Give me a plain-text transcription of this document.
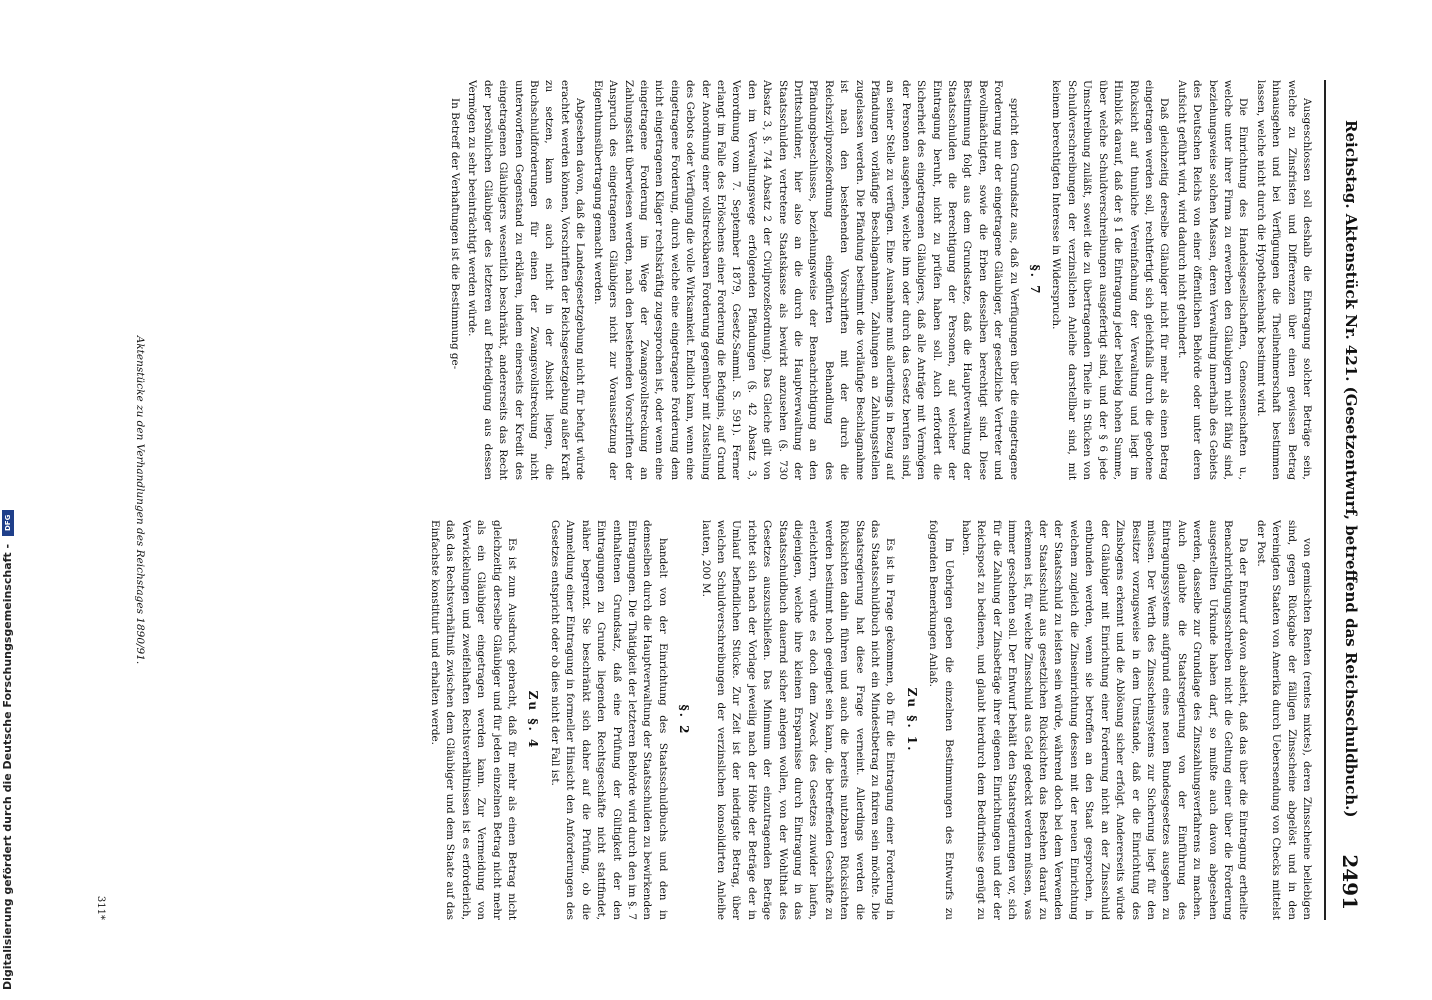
Reichstag. Aktenstück Nr. 421. (Gesetzentwurf, betreffend das Reichsschuldbuch.)
2491

Ausgeschlossen soll deshalb die Eintragung solcher Beträge sein, welche zu Zinsfristen und Differenzen über einen gewissen Betrag hinausgehen und bei Verfügungen die Theilnehmerschaft bestimmen lassen, welche nicht durch die Hypothekenbank bestimmt wird.

Die Einrichtung des Handelsgesellschaften, Genossenschaften u., welche unter ihrer Firma zu erwerben den Gläubigern nicht fähig sind, beziehungsweise solchen Massen, deren Verwaltung innerhalb des Gebiets des Deutschen Reichs von einer öffentlichen Behörde oder unter deren Aufsicht geführt wird, wird dadurch nicht gehindert.

Daß gleichzeitig derselbe Gläubiger nicht für mehr als einen Betrag eingetragen werden soll, rechtfertigt sich gleichfalls durch die gebotene Rücksicht auf thunliche Vereinfachung der Verwaltung und liegt im Hinblick darauf, daß der § 1 die Eintragung jeder beliebig hohen Summe, über welche Schuldverschreibungen ausgefertigt sind, und der § 6 jede Umschreibung zuläßt, soweit die zu übertragenden Theile in Stücken von Schuldverschreibungen der verzinslichen Anleihe darstellbar sind, mit keinem berechtigten Interesse in Widerspruch.

§. 7

spricht den Grundsatz aus, daß zu Verfügungen über die eingetragene Forderung nur der eingetragene Gläubiger, der gesetzliche Vertreter und Bevollmächtigten, sowie die Erben desselben berechtigt sind. Diese Bestimmung folgt aus dem Grundsatze, daß die Hauptverwaltung der Staatsschulden die Berechtigung der Personen, auf welcher der Eintragung beruht, nicht zu prüfen haben soll. Auch erfordert die Sicherheit des eingetragenen Gläubigers, daß alle Anträge mit Vermögen der Personen ausgehen, welche ihm oder durch das Gesetz berufen sind, an seiner Stelle zu verfügen. Eine Ausnahme muß allerdings in Bezug auf Pfändungen vorläufige Beschlagnahmen, Zahlungen an Zahlungsstellen zugelassen werden. Die Pfändung bestimmt die vorläufige Beschlagnahme ist nach den bestehenden Vorschriften mit der durch die Reichszivilprozeßordnung eingeführten Behandlung des Pfändungsbeschlusses, beziehungsweise der Benachrichtigung an den Drittschuldner, hier also an die durch die Hauptverwaltung der Staatsschulden vertretene Staatskasse als bewirkt anzusehen (§. 730 Absatz 3, §. 744 Absatz 2 der Civilprozeßordnung). Das Gleiche gilt von den im Verwaltungswege erfolgenden Pfändungen (§. 42 Absatz 3, Verordnung vom 7. September 1879, Gesetz-Samml. S. 591). Ferner erlangt im Falle des Erlöschens einer Forderung die Befugnis, auf Grund der Anordnung einer vollstreckbaren Forderung gegenüber mit Zustellung des Gebots oder Verfügung die volle Wirksamkeit. Endlich kann, wenn eine eingetragene Forderung, durch welche eine eingetragene Forderung dem nicht eingetragenen Kläger rechtskräftig zugesprochen ist, oder wenn eine eingetragene Forderung im Wege der Zwangsvollstreckung an Zahlungsstatt überwiesen werden, nach den bestehenden Vorschriften der Anspruch des eingetragenen Gläubigers nicht zur Voraussetzung der Eigenthumsübertragung gemacht werden.

Abgesehen davon, daß die Landesgesetzgebung nicht für befugt würde erachtet werden können, Vorschriften der Reichsgesetzgebung außer Kraft zu setzen, kann es auch nicht in der Absicht liegen, die Buchschuldforderungen für einen der Zwangsvollstreckung nicht unterworfenen Gegenstand zu erklären, indem einerseits der Kredit des eingetragenen Gläubigers wesentlich beschränkt, andererseits das Recht der persönlichen Gläubiger des letzteren auf Befriedigung aus dessen Vermögen zu sehr beeinträchtigt werden würde.

In Betreff der Verhaftungen ist die Bestimmung ge-

von gemischten Renten (rentes mixtes), deren Zinsscheine beliebigen sind, gegen Rückgabe der fälligen Zinsscheine abgelöst und in den Vereinigten Staaten von Amerika durch Uebersendung von Checks mittelst der Post.

Da der Entwurf davon absieht, daß das über die Eintragung ertheilte Benachrichtigungsschreiben nicht die Geltung einer über die Forderung ausgestellten Urkunde haben darf, so mußte auch davon abgesehen werden, dasselbe zur Grundlage des Zinszahlungsverfahrens zu machen. Auch glaubte die Staatsregierung von der Einführung des Eintragungssystems aufgrund eines neuen Bundesgesetzes ausgehen zu müssen. Der Werth des Zinsscheinsystems zur Sicherung liegt für den Besitzer vorzugsweise in dem Umstande, daß er die Einrichtung des Zinsbogens erkennt und die Ablösung sicher erfolgt. Andererseits würde der Gläubiger mit Einrichtung einer Forderung nicht an der Zinsschuld entbunden werden, wenn sie betroffen an den Staat gesprochen, in welchem zugleich die Zinseinrichtung dessen mit der neuen Einrichtung der Staatsschuld zu leisten sein würde, während doch bei dem Verwenden der Staatsschuld aus gesetzlichen Rücksichten das Bestehen darauf zu erkennen ist, für welche Zinsschuld aus Geld gedeckt werden müssen, was immer geschehen soll. Der Entwurf behält den Staatsregierungen vor, sich für die Zahlung der Zinsbeträge ihrer eigenen Einrichtungen und der der Reichspost zu bedienen, und glaubt hierdurch dem Bedürfnisse genügt zu haben.

Im Uebrigen geben die einzelnen Bestimmungen des Entwurfs zu folgenden Bemerkungen Anlaß.

Zu §. 1.

Es ist in Frage gekommen, ob für die Eintragung einer Forderung in das Staatsschuldbuch nicht ein Mindestbetrag zu fixiren sein möchte. Die Staatsregierung hat diese Frage verneint. Allerdings werden die Rücksichten dahin führen und auch die bereits nutzbaren Rücksichten werden bestimmt noch geeignet sein kann, die betreffenden Geschäfte zu erleichtern, würde es doch dem Zweck des Gesetzes zuwider laufen, diejenigen, welche ihre kleinen Ersparnisse durch Eintragung in das Staatsschuldbuch dauernd sicher anlegen wollen, von der Wohlthat des Gesetzes auszuschließen. Das Minimum der einzutragenden Beträge richtet sich nach der Vorlage jeweilig nach der Höhe der Beträge der in Umlauf befindlichen Stücke. Zur Zeit ist der niedrigste Betrag, über welchen Schuldverschreibungen der verzinslichen konsolidirten Anleihe lauten, 200 M.

§. 2

handelt von der Einrichtung des Staatsschuldbuchs und den in demselben durch die Hauptverwaltung der Staatsschulden zu bewirkenden Eintragungen. Die Thätigkeit der letzteren Behörde wird durch den im §. 7 enthaltenen Grundsatz, daß eine Prüfung der Gültigkeit der den Eintragungen zu Grunde liegenden Rechtsgeschäfte nicht stattfindet, näher begrenzt. Sie beschränkt sich daher auf die Prüfung, ob die Anmeldung einer Eintragung in formeller Hinsicht den Anforderungen des Gesetzes entspricht oder ob dies nicht der Fall ist.

Zu §. 4

Es ist zum Ausdruck gebracht, daß für mehr als einen Betrag nicht gleichzeitig derselbe Gläubiger und für jeden einzelnen Betrag nicht mehr als ein Gläubiger eingetragen werden kann. Zur Vermeidung von Verwickelungen und zweifelhaften Rechtsverhältnissen ist es erforderlich, daß das Rechtsverhältniß zwischen dem Gläubiger und dem Staate auf das Einfachste konstituirt und erhalten werde.

Aktenstücke zu den Verhandlungen des Reichstages 1890/91.
311*
Digitalisierung gefördert durch die Deutsche Forschungsgemeinschaft - DFG
